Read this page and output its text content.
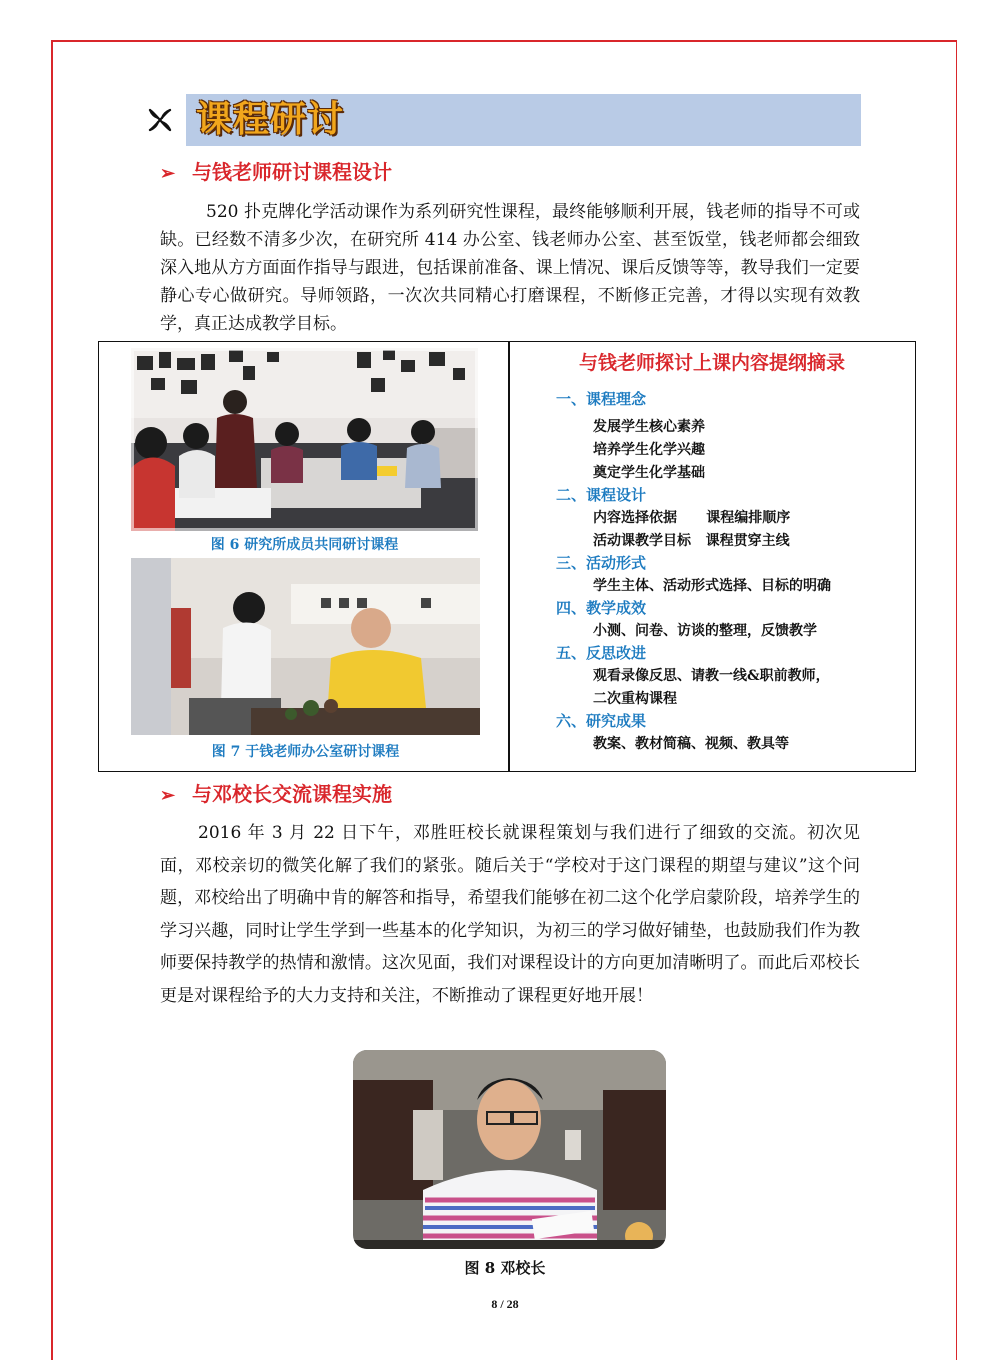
课程研讨
➢ 与钱老师研讨课程设计

520 扑克牌化学活动课作为系列研究性课程，最终能够顺利开展，钱老师的指导不可或缺。已经数不清多少次，在研究所 414 办公室、钱老师办公室、甚至饭堂，钱老师都会细致深入地从方方面面作指导与跟进，包括课前准备、课上情况、课后反馈等等，教导我们一定要静心专心做研究。导师领路，一次次共同精心打磨课程，不断修正完善，才得以实现有效教学，真正达成教学目标。

图 6 研究所成员共同研讨课程
图 7 于钱老师办公室研讨课程
与钱老师探讨上课内容提纲摘录
一、课程理念
发展学生核心素养
培养学生化学兴趣
奠定学生化学基础
二、课程设计
内容选择依据      课程编排顺序
活动课教学目标   课程贯穿主线
三、活动形式
学生主体、活动形式选择、目标的明确
四、教学成效
小测、问卷、访谈的整理，反馈教学
五、反思改进
观看录像反思、请教一线&职前教师，
二次重构课程
六、研究成果
教案、教材简稿、视频、教具等
➢ 与邓校长交流课程实施

2016 年 3 月 22 日下午，邓胜旺校长就课程策划与我们进行了细致的交流。初次见面，邓校亲切的微笑化解了我们的紧张。随后关于“学校对于这门课程的期望与建议”这个问题，邓校给出了明确中肯的解答和指导，希望我们能够在初二这个化学启蒙阶段，培养学生的学习兴趣，同时让学生学到一些基本的化学知识，为初三的学习做好铺垫，也鼓励我们作为教师要保持教学的热情和激情。这次见面，我们对课程设计的方向更加清晰明了。而此后邓校长更是对课程给予的大力支持和关注，不断推动了课程更好地开展！

图 8 邓校长
8 / 28
